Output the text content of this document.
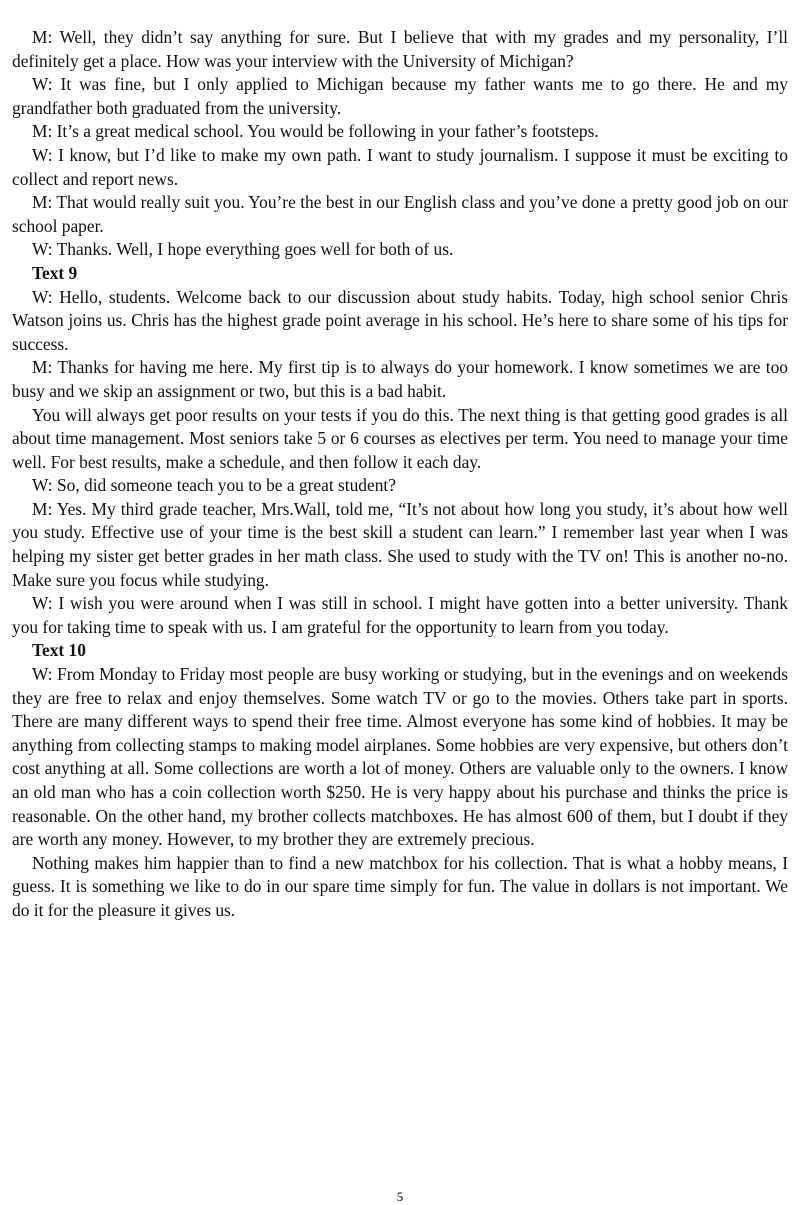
M: Well, they didn’t say anything for sure. But I believe that with my grades and my personality, I’ll definitely get a place. How was your interview with the University of Michigan?

W: It was fine, but I only applied to Michigan because my father wants me to go there. He and my grandfather both graduated from the university.

M: It’s a great medical school. You would be following in your father’s footsteps.

W: I know, but I’d like to make my own path. I want to study journalism. I suppose it must be exciting to collect and report news.

M: That would really suit you. You’re the best in our English class and you’ve done a pretty good job on our school paper.

W: Thanks. Well, I hope everything goes well for both of us.

Text 9

W: Hello, students. Welcome back to our discussion about study habits. Today, high school senior Chris Watson joins us. Chris has the highest grade point average in his school. He’s here to share some of his tips for success.

M: Thanks for having me here. My first tip is to always do your homework. I know sometimes we are too busy and we skip an assignment or two, but this is a bad habit.

You will always get poor results on your tests if you do this. The next thing is that getting good grades is all about time management. Most seniors take 5 or 6 courses as electives per term. You need to manage your time well. For best results, make a schedule, and then follow it each day.

W: So, did someone teach you to be a great student?

M: Yes. My third grade teacher, Mrs.Wall, told me, “It’s not about how long you study, it’s about how well you study. Effective use of your time is the best skill a student can learn.” I remember last year when I was helping my sister get better grades in her math class. She used to study with the TV on! This is another no-no. Make sure you focus while studying.

W: I wish you were around when I was still in school. I might have gotten into a better university. Thank you for taking time to speak with us. I am grateful for the opportunity to learn from you today.

Text 10

W: From Monday to Friday most people are busy working or studying, but in the evenings and on weekends they are free to relax and enjoy themselves. Some watch TV or go to the movies. Others take part in sports. There are many different ways to spend their free time. Almost everyone has some kind of hobbies. It may be anything from collecting stamps to making model airplanes. Some hobbies are very expensive, but others don’t cost anything at all. Some collections are worth a lot of money. Others are valuable only to the owners. I know an old man who has a coin collection worth $250. He is very happy about his purchase and thinks the price is reasonable. On the other hand, my brother collects matchboxes. He has almost 600 of them, but I doubt if they are worth any money. However, to my brother they are extremely precious.

Nothing makes him happier than to find a new matchbox for his collection. That is what a hobby means, I guess. It is something we like to do in our spare time simply for fun. The value in dollars is not important. We do it for the pleasure it gives us.

5
